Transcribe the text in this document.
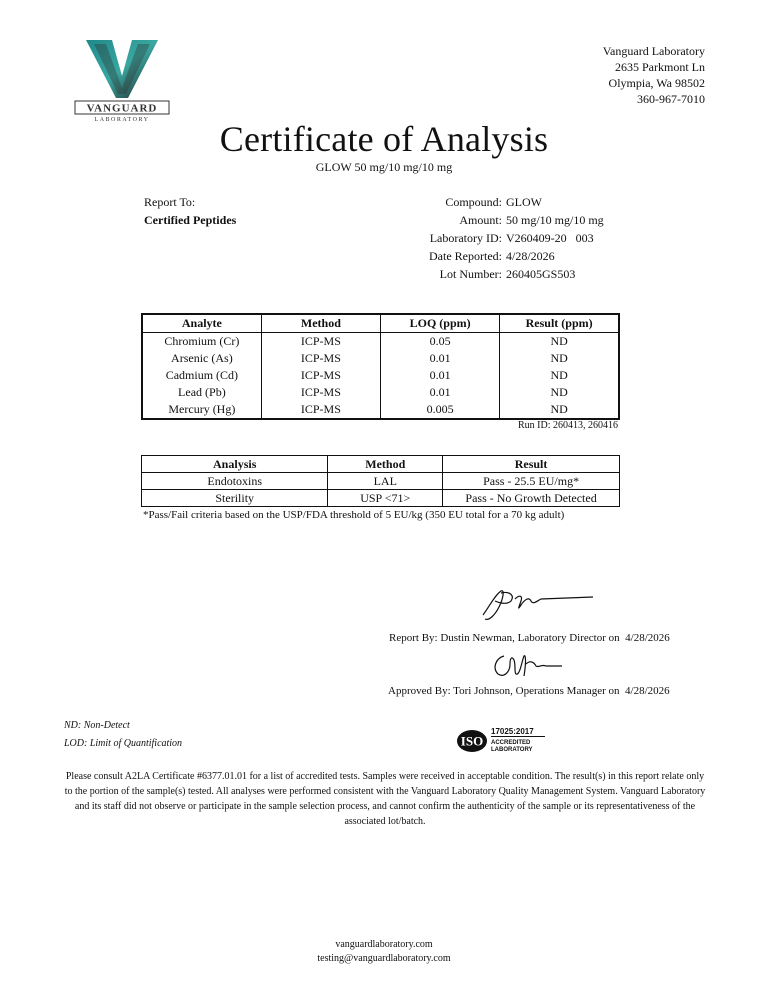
VANGUARD
LABORATORY
Vanguard Laboratory
2635 Parkmont Ln
Olympia, Wa 98502
360-967-7010
Certificate of Analysis
GLOW 50 mg/10 mg/10 mg
Report To:
Certified Peptides
Compound: GLOW
Amount: 50 mg/10 mg/10 mg
Laboratory ID: V260409-20   003
Date Reported: 4/28/2026
Lot Number: 260405GS503
Analyte	Method	LOQ (ppm)	Result (ppm)
Chromium (Cr)	ICP-MS	0.05	ND
Arsenic (As)	ICP-MS	0.01	ND
Cadmium (Cd)	ICP-MS	0.01	ND
Lead (Pb)	ICP-MS	0.01	ND
Mercury (Hg)	ICP-MS	0.005	ND
Run ID: 260413, 260416
Analysis	Method	Result
Endotoxins	LAL	Pass - 25.5 EU/mg*
Sterility	USP <71>	Pass - No Growth Detected
*Pass/Fail criteria based on the USP/FDA threshold of 5 EU/kg (350 EU total for a 70 kg adult)
Report By: Dustin Newman, Laboratory Director on 4/28/2026
Approved By: Tori Johnson, Operations Manager on 4/28/2026
ND: Non-Detect
LOD: Limit of Quantification	ISO
17025:2017
ACCREDITED
LABORATORY
Please consult A2LA Certificate #6377.01.01 for a list of accredited tests. Samples were received in acceptable condition. The result(s) in this report relate only to the portion of the sample(s) tested. All analyses were performed consistent with the Vanguard Laboratory Quality Management System. Vanguard Laboratory and its staff did not observe or participate in the sample selection process, and cannot confirm the authenticity of the sample or its representativeness of the associated lot/batch.
vanguardlaboratory.com
testing@vanguardlaboratory.com
